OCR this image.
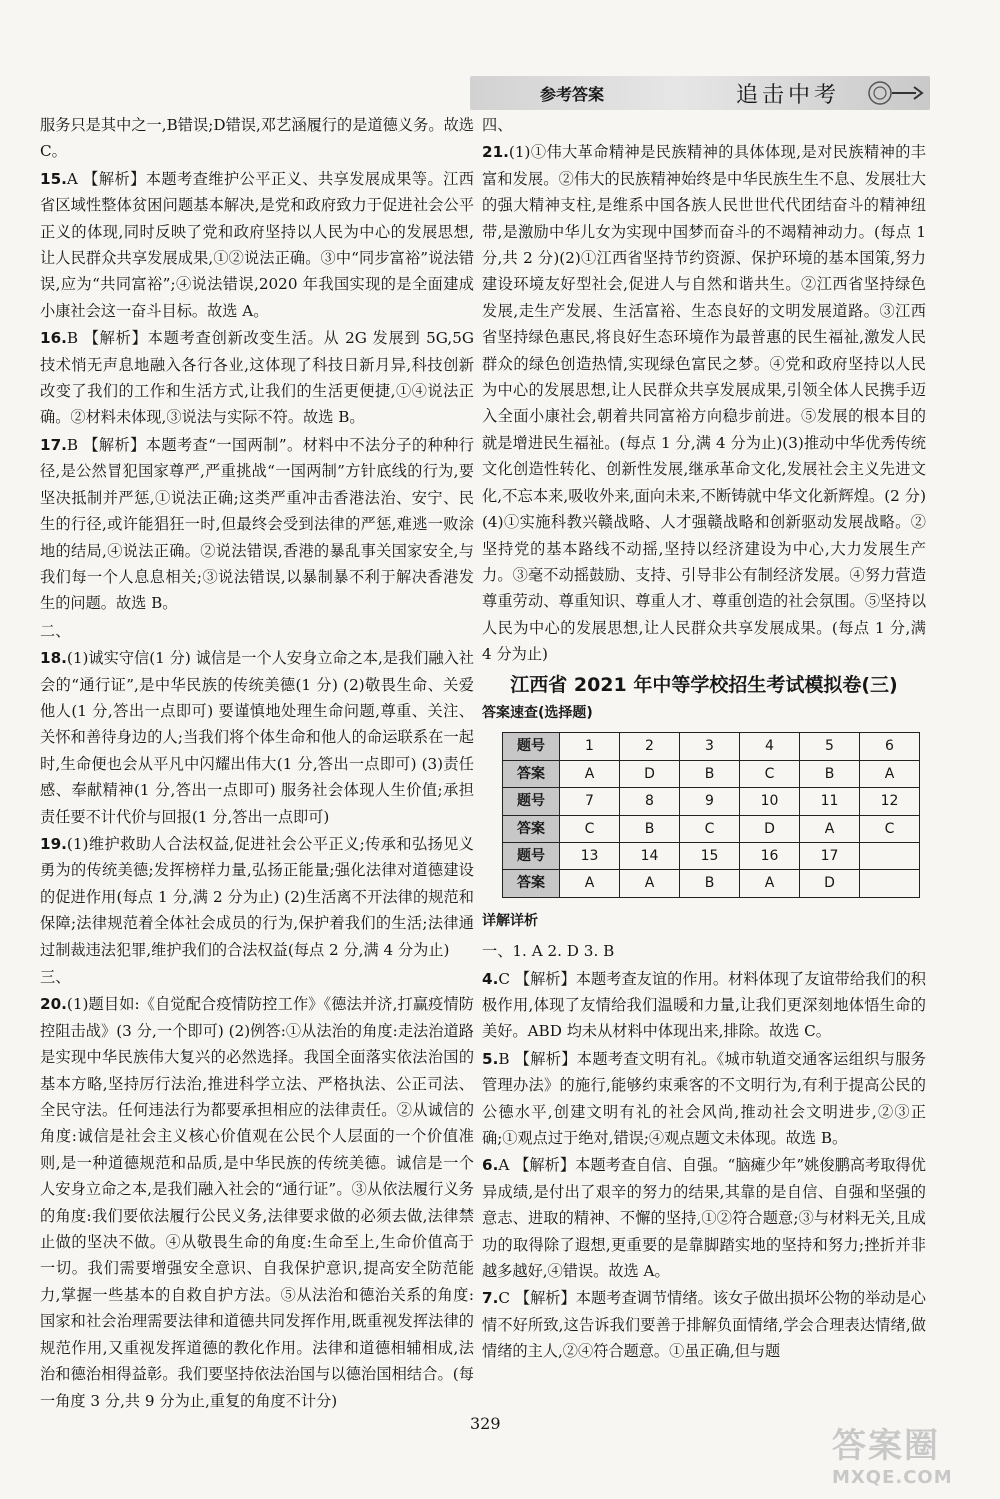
参考答案	追击中考
服务只是其中之一,B错误;D错误,邓艺涵履行的是道德义务。故选 C。
15.A 【解析】本题考查维护公平正义、共享发展成果等。江西省区域性整体贫困问题基本解决,是党和政府致力于促进社会公平正义的体现,同时反映了党和政府坚持以人民为中心的发展思想,让人民群众共享发展成果,①②说法正确。③中“同步富裕”说法错误,应为“共同富裕”;④说法错误,2020 年我国实现的是全面建成小康社会这一奋斗目标。故选 A。
16.B 【解析】本题考查创新改变生活。从 2G 发展到 5G,5G 技术悄无声息地融入各行各业,这体现了科技日新月异,科技创新改变了我们的工作和生活方式,让我们的生活更便捷,①④说法正确。②材料未体现,③说法与实际不符。故选 B。
17.B 【解析】本题考查“一国两制”。材料中不法分子的种种行径,是公然冒犯国家尊严,严重挑战“一国两制”方针底线的行为,要坚决抵制并严惩,①说法正确;这类严重冲击香港法治、安宁、民生的行径,或许能猖狂一时,但最终会受到法律的严惩,难逃一败涂地的结局,④说法正确。②说法错误,香港的暴乱事关国家安全,与我们每一个人息息相关;③说法错误,以暴制暴不利于解决香港发生的问题。故选 B。
二、
18.(1)诚实守信(1 分) 诚信是一个人安身立命之本,是我们融入社会的“通行证”,是中华民族的传统美德(1 分) (2)敬畏生命、关爱他人(1 分,答出一点即可) 要谨慎地处理生命问题,尊重、关注、关怀和善待身边的人;当我们将个体生命和他人的命运联系在一起时,生命便也会从平凡中闪耀出伟大(1 分,答出一点即可) (3)责任感、奉献精神(1 分,答出一点即可) 服务社会体现人生价值;承担责任要不计代价与回报(1 分,答出一点即可)
19.(1)维护救助人合法权益,促进社会公平正义;传承和弘扬见义勇为的传统美德;发挥榜样力量,弘扬正能量;强化法律对道德建设的促进作用(每点 1 分,满 2 分为止) (2)生活离不开法律的规范和保障;法律规范着全体社会成员的行为,保护着我们的生活;法律通过制裁违法犯罪,维护我们的合法权益(每点 2 分,满 4 分为止)
三、
20.(1)题目如:《自觉配合疫情防控工作》《德法并济,打赢疫情防控阻击战》(3 分,一个即可) (2)例答:①从法治的角度:走法治道路是实现中华民族伟大复兴的必然选择。我国全面落实依法治国的基本方略,坚持厉行法治,推进科学立法、严格执法、公正司法、全民守法。任何违法行为都要承担相应的法律责任。②从诚信的角度:诚信是社会主义核心价值观在公民个人层面的一个价值准则,是一种道德规范和品质,是中华民族的传统美德。诚信是一个人安身立命之本,是我们融入社会的“通行证”。③从依法履行义务的角度:我们要依法履行公民义务,法律要求做的必须去做,法律禁止做的坚决不做。④从敬畏生命的角度:生命至上,生命价值高于一切。我们需要增强安全意识、自我保护意识,提高安全防范能力,掌握一些基本的自救自护方法。⑤从法治和德治关系的角度:国家和社会治理需要法律和道德共同发挥作用,既重视发挥法律的规范作用,又重视发挥道德的教化作用。法律和道德相辅相成,法治和德治相得益彰。我们要坚持依法治国与以德治国相结合。(每一角度 3 分,共 9 分为止,重复的角度不计分)
四、
21.(1)①伟大革命精神是民族精神的具体体现,是对民族精神的丰富和发展。②伟大的民族精神始终是中华民族生生不息、发展壮大的强大精神支柱,是维系中国各族人民世世代代团结奋斗的精神纽带,是激励中华儿女为实现中国梦而奋斗的不竭精神动力。(每点 1 分,共 2 分)(2)①江西省坚持节约资源、保护环境的基本国策,努力建设环境友好型社会,促进人与自然和谐共生。②江西省坚持绿色发展,走生产发展、生活富裕、生态良好的文明发展道路。③江西省坚持绿色惠民,将良好生态环境作为最普惠的民生福祉,激发人民群众的绿色创造热情,实现绿色富民之梦。④党和政府坚持以人民为中心的发展思想,让人民群众共享发展成果,引领全体人民携手迈入全面小康社会,朝着共同富裕方向稳步前进。⑤发展的根本目的就是增进民生福祉。(每点 1 分,满 4 分为止)(3)推动中华优秀传统文化创造性转化、创新性发展,继承革命文化,发展社会主义先进文化,不忘本来,吸收外来,面向未来,不断铸就中华文化新辉煌。(2 分)(4)①实施科教兴赣战略、人才强赣战略和创新驱动发展战略。②坚持党的基本路线不动摇,坚持以经济建设为中心,大力发展生产力。③毫不动摇鼓励、支持、引导非公有制经济发展。④努力营造尊重劳动、尊重知识、尊重人才、尊重创造的社会氛围。⑤坚持以人民为中心的发展思想,让人民群众共享发展成果。(每点 1 分,满 4 分为止)
江西省 2021 年中等学校招生考试模拟卷(三)
答案速查(选择题)
题号	1	2	3	4	5	6
答案	A	D	B	C	B	A
题号	7	8	9	10	11	12
答案	C	B	C	D	A	C
题号	13	14	15	16	17	
答案	A	A	B	A	D	
详解详析
一、1. A 2. D 3. B
4.C 【解析】本题考查友谊的作用。材料体现了友谊带给我们的积极作用,体现了友情给我们温暖和力量,让我们更深刻地体悟生命的美好。ABD 均未从材料中体现出来,排除。故选 C。
5.B 【解析】本题考查文明有礼。《城市轨道交通客运组织与服务管理办法》的施行,能够约束乘客的不文明行为,有利于提高公民的公德水平,创建文明有礼的社会风尚,推动社会文明进步,②③正确;①观点过于绝对,错误;④观点题文未体现。故选 B。
6.A 【解析】本题考查自信、自强。“脑瘫少年”姚俊鹏高考取得优异成绩,是付出了艰辛的努力的结果,其靠的是自信、自强和坚强的意志、进取的精神、不懈的坚持,①②符合题意;③与材料无关,且成功的取得除了遐想,更重要的是靠脚踏实地的坚持和努力;挫折并非越多越好,④错误。故选 A。
7.C 【解析】本题考查调节情绪。该女子做出损坏公物的举动是心情不好所致,这告诉我们要善于排解负面情绪,学会合理表达情绪,做情绪的主人,②④符合题意。①虽正确,但与题
329
答案圈
MXQE.COM
